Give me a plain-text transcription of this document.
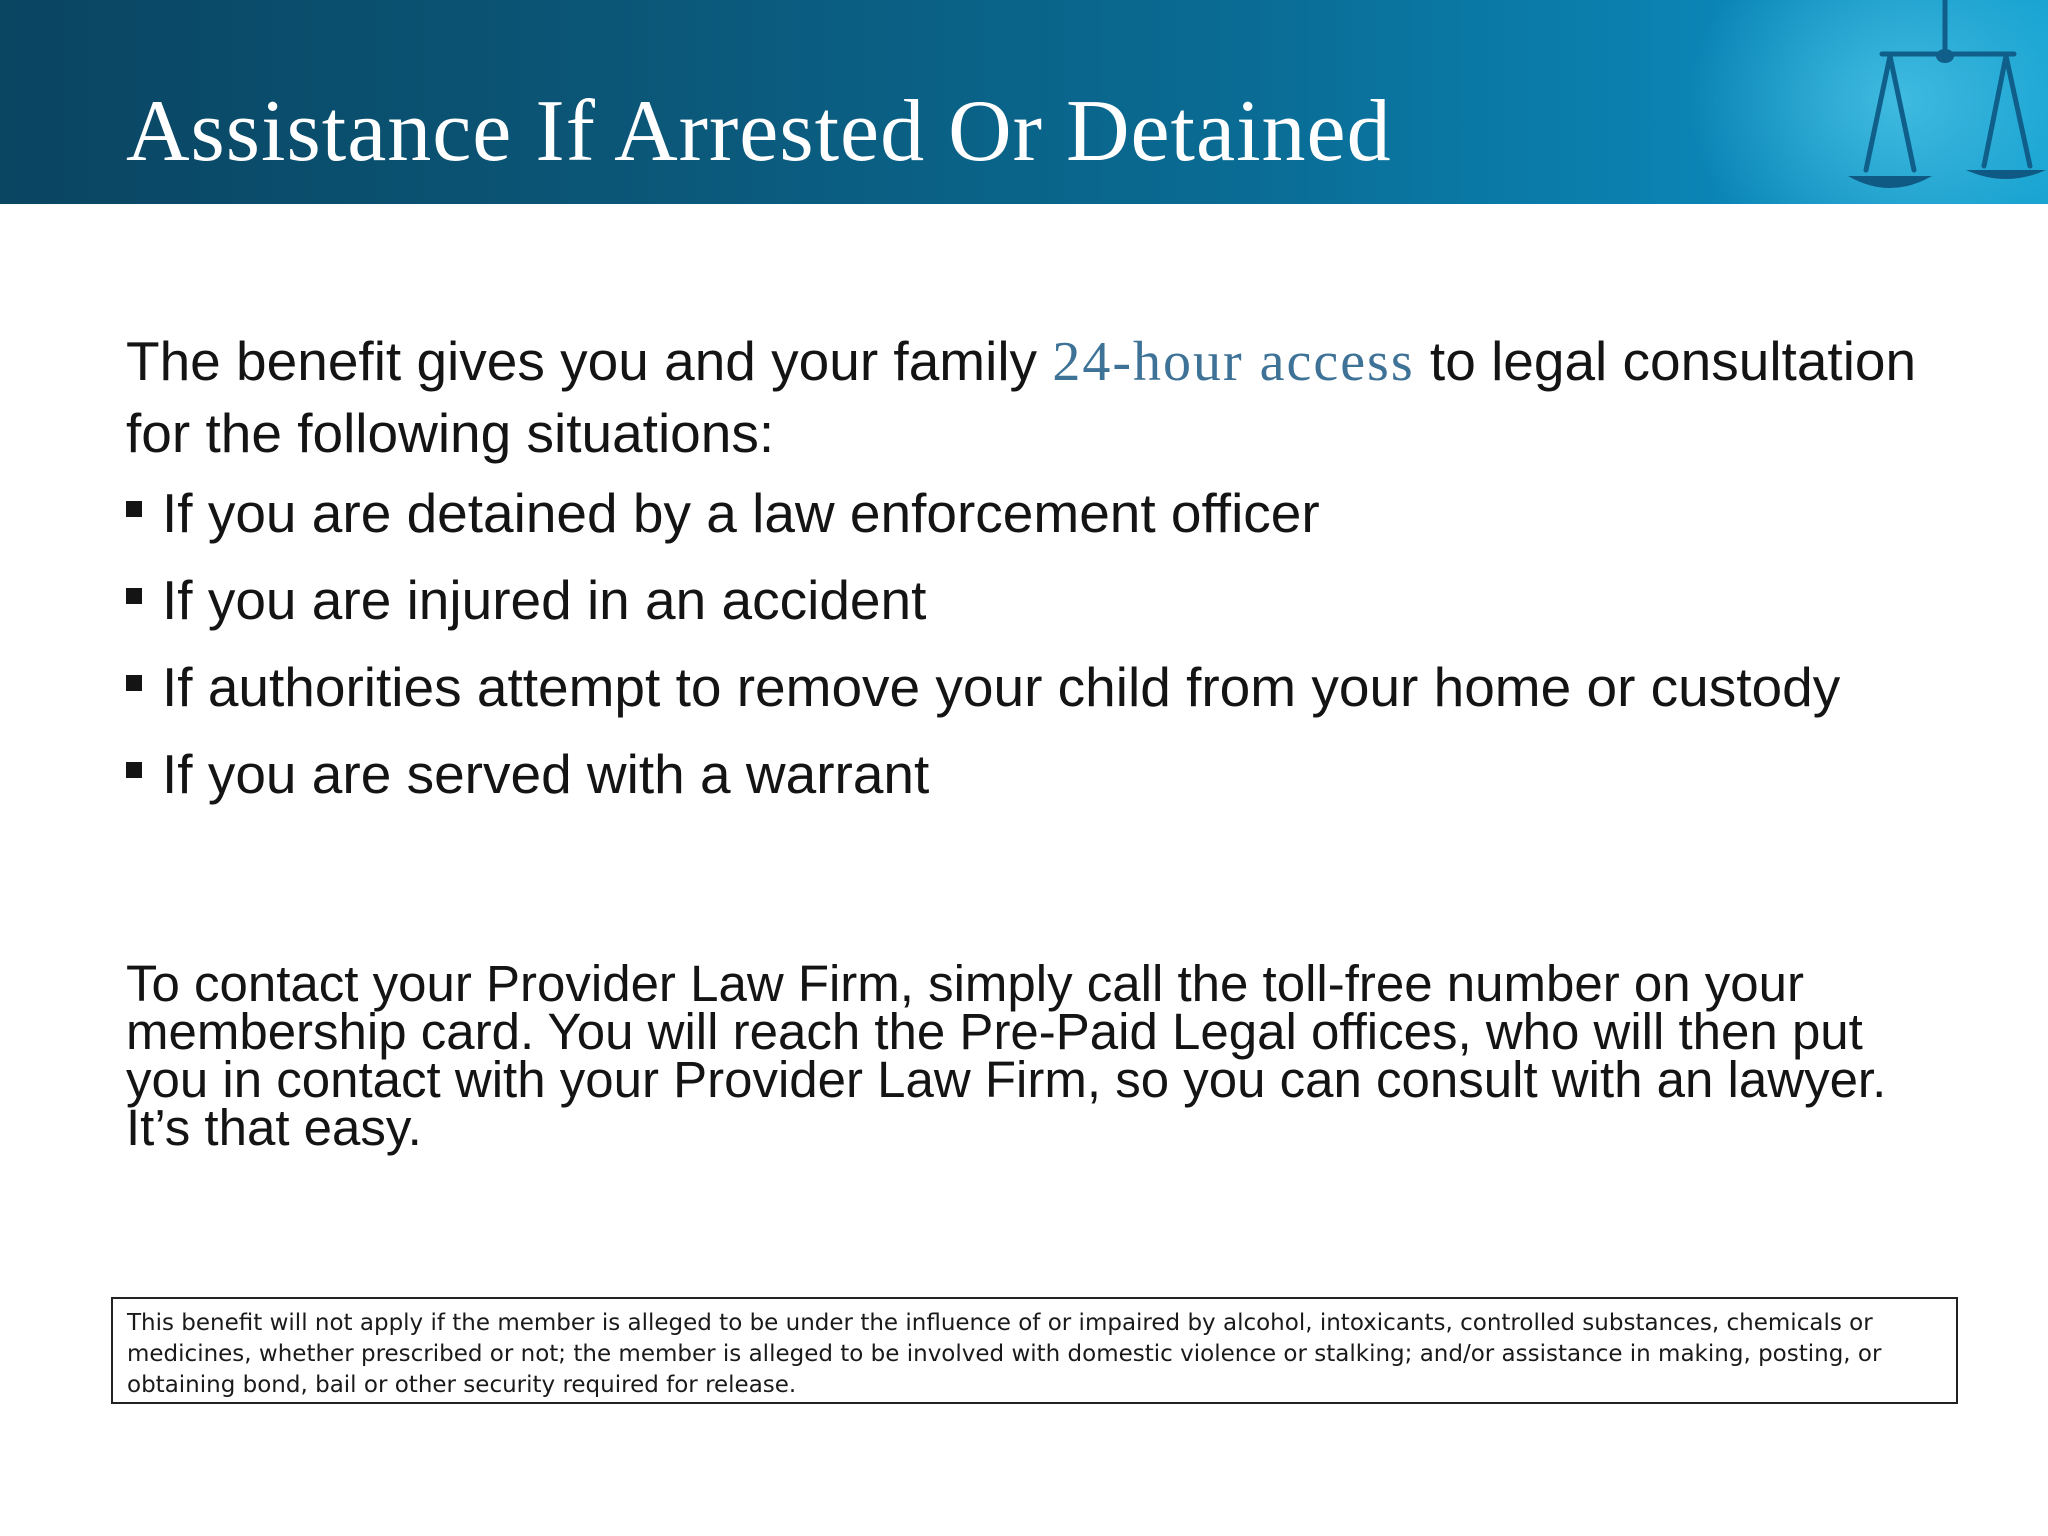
Assistance If Arrested Or Detained

The benefit gives you and your family 24-hour access to legal consultation for the following situations:

If you are detained by a law enforcement officer
If you are injured in an accident
If authorities attempt to remove your child from your home or custody
If you are served with a warrant

To contact your Provider Law Firm, simply call the toll-free number on your membership card. You will reach the Pre-Paid Legal offices, who will then put you in contact with your Provider Law Firm, so you can consult with an lawyer. It’s that easy.

This benefit will not apply if the member is alleged to be under the influence of or impaired by alcohol, intoxicants, controlled substances, chemicals or medicines, whether prescribed or not; the member is alleged to be involved with domestic violence or stalking; and/or assistance in making, posting, or obtaining bond, bail or other security required for release.
